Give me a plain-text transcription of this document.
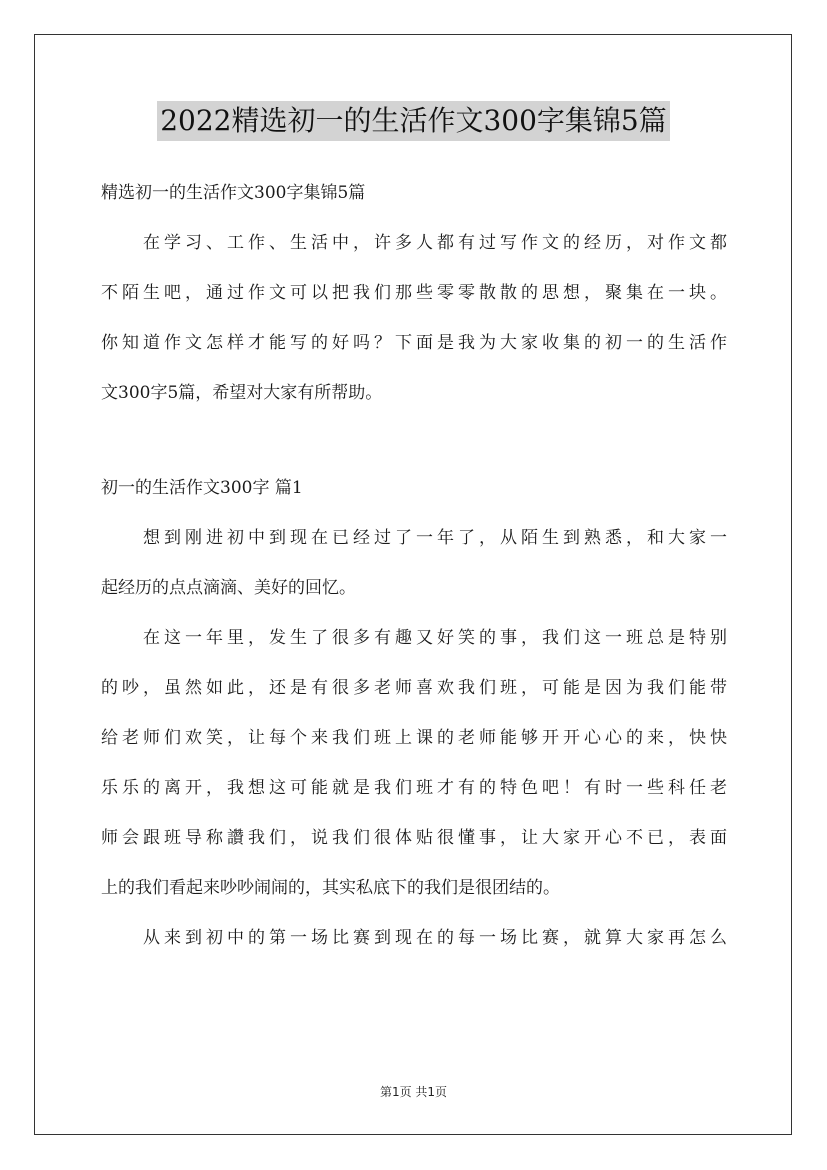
2022精选初一的生活作文300字集锦5篇
精选初一的生活作文300字集锦5篇
在学习、工作、生活中，许多人都有过写作文的经历，对作文都
不陌生吧，通过作文可以把我们那些零零散散的思想，聚集在一块。
你知道作文怎样才能写的好吗？下面是我为大家收集的初一的生活作
文300字5篇，希望对大家有所帮助。
初一的生活作文300字 篇1
想到刚进初中到现在已经过了一年了，从陌生到熟悉，和大家一
起经历的点点滴滴、美好的回忆。
在这一年里，发生了很多有趣又好笑的事，我们这一班总是特别
的吵，虽然如此，还是有很多老师喜欢我们班，可能是因为我们能带
给老师们欢笑，让每个来我们班上课的老师能够开开心心的来，快快
乐乐的离开，我想这可能就是我们班才有的特色吧！有时一些科任老
师会跟班导称讚我们，说我们很体贴很懂事，让大家开心不已，表面
上的我们看起来吵吵闹闹的，其实私底下的我们是很团结的。
从来到初中的第一场比赛到现在的每一场比赛，就算大家再怎么
第1页 共1页
